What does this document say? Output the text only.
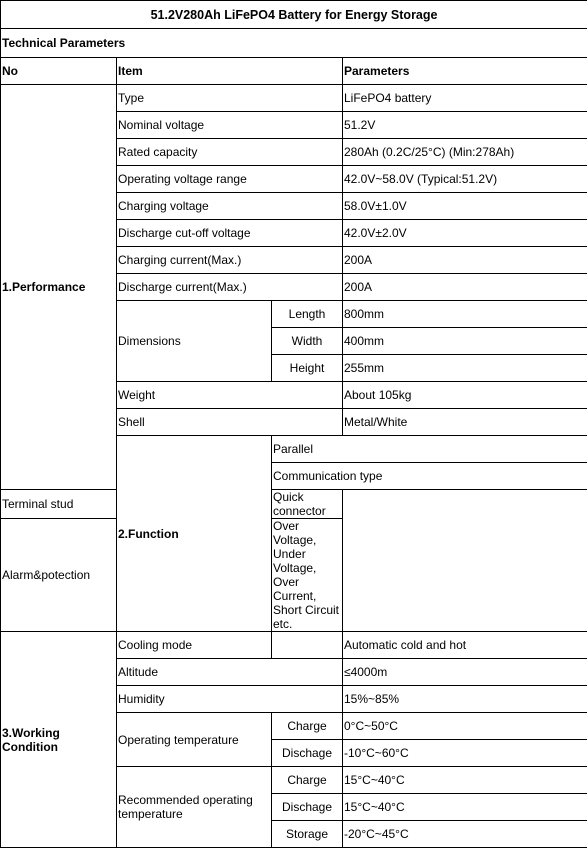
51.2V280Ah LiFePO4 Battery for Energy Storage				
Technical Parameters				
No	Item		Parameters	
1.Performance	Type		LiFePO4 battery	
	Nominal voltage		51.2V	
	Rated capacity		280Ah (0.2C/25°C) (Min:278Ah)	
	Operating voltage range		42.0V~58.0V (Typical:51.2V)	
	Charging voltage		58.0V±1.0V	
	Discharge cut-off voltage		42.0V±2.0V	
	Charging current(Max.)		200A	
	Discharge current(Max.)		200A	
	Dimensions	Length	800mm	
		Width	400mm	
		Height	255mm	
	Weight		About 105kg	
	Shell		Metal/White	
	2.Function	Parallel	
		Communication type	
Terminal stud		Quick connector		
Alarm&potection		Over Voltage, Under Voltage, Over Current, Short Circuit etc.		
3.Working Condition	Cooling mode		Automatic cold and hot	
	Altitude		≤4000m	
	Humidity		15%~85%	
	Operating temperature	Charge	0°C~50°C	
		Dischage	-10°C~60°C	
	Recommended operating temperature	Charge	15°C~40°C	
		Dischage	15°C~40°C	
		Storage	-20°C~45°C	
